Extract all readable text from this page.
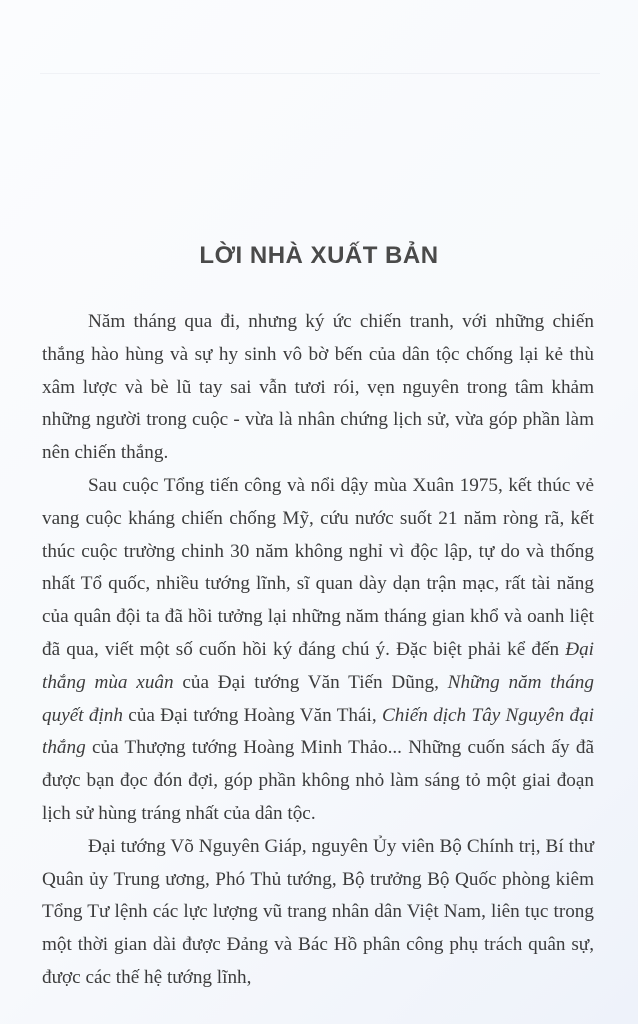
LỜI NHÀ XUẤT BẢN

Năm tháng qua đi, nhưng ký ức chiến tranh, với những chiến thắng hào hùng và sự hy sinh vô bờ bến của dân tộc chống lại kẻ thù xâm lược và bè lũ tay sai vẫn tươi rói, vẹn nguyên trong tâm khảm những người trong cuộc - vừa là nhân chứng lịch sử, vừa góp phần làm nên chiến thắng.

Sau cuộc Tổng tiến công và nổi dậy mùa Xuân 1975, kết thúc vẻ vang cuộc kháng chiến chống Mỹ, cứu nước suốt 21 năm ròng rã, kết thúc cuộc trường chinh 30 năm không nghỉ vì độc lập, tự do và thống nhất Tổ quốc, nhiều tướng lĩnh, sĩ quan dày dạn trận mạc, rất tài năng của quân đội ta đã hồi tưởng lại những năm tháng gian khổ và oanh liệt đã qua, viết một số cuốn hồi ký đáng chú ý. Đặc biệt phải kể đến Đại thắng mùa xuân của Đại tướng Văn Tiến Dũng, Những năm tháng quyết định của Đại tướng Hoàng Văn Thái, Chiến dịch Tây Nguyên đại thắng của Thượng tướng Hoàng Minh Thảo... Những cuốn sách ấy đã được bạn đọc đón đợi, góp phần không nhỏ làm sáng tỏ một giai đoạn lịch sử hùng tráng nhất của dân tộc.

Đại tướng Võ Nguyên Giáp, nguyên Ủy viên Bộ Chính trị, Bí thư Quân ủy Trung ương, Phó Thủ tướng, Bộ trưởng Bộ Quốc phòng kiêm Tổng Tư lệnh các lực lượng vũ trang nhân dân Việt Nam, liên tục trong một thời gian dài được Đảng và Bác Hồ phân công phụ trách quân sự, được các thế hệ tướng lĩnh,
